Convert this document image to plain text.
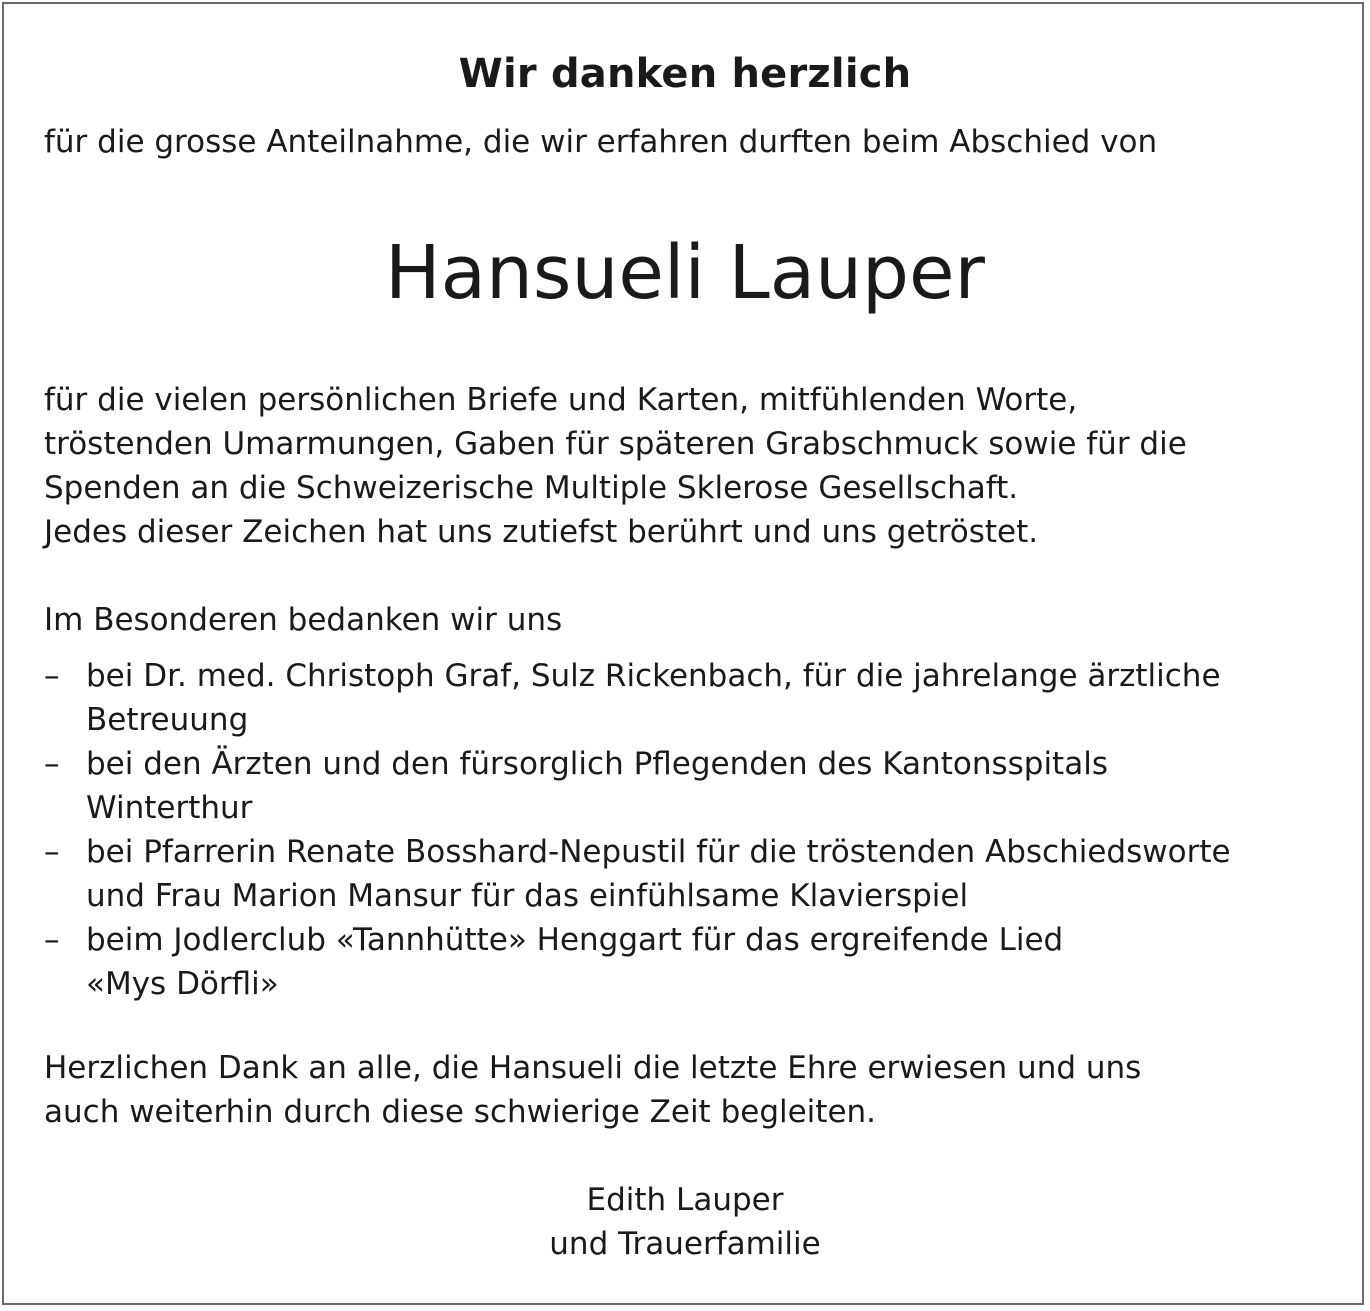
Wir danken herzlich
für die grosse Anteilnahme, die wir erfahren durften beim Abschied von
Hansueli Lauper
für die vielen persönlichen Briefe und Karten, mitfühlenden Worte,
tröstenden Umarmungen, Gaben für späteren Grabschmuck sowie für die
Spenden an die Schweizerische Multiple Sklerose Gesellschaft.
Jedes dieser Zeichen hat uns zutiefst berührt und uns getröstet.
Im Besonderen bedanken wir uns
– bei Dr. med. Christoph Graf, Sulz Rickenbach, für die jahrelange ärztliche
Betreuung
– bei den Ärzten und den fürsorglich Pflegenden des Kantonsspitals
Winterthur
– bei Pfarrerin Renate Bosshard-Nepustil für die tröstenden Abschiedsworte
und Frau Marion Mansur für das einfühlsame Klavierspiel
– beim Jodlerclub «Tannhütte» Henggart für das ergreifende Lied
«Mys Dörfli»
Herzlichen Dank an alle, die Hansueli die letzte Ehre erwiesen und uns
auch weiterhin durch diese schwierige Zeit begleiten.
Edith Lauper
und Trauerfamilie
